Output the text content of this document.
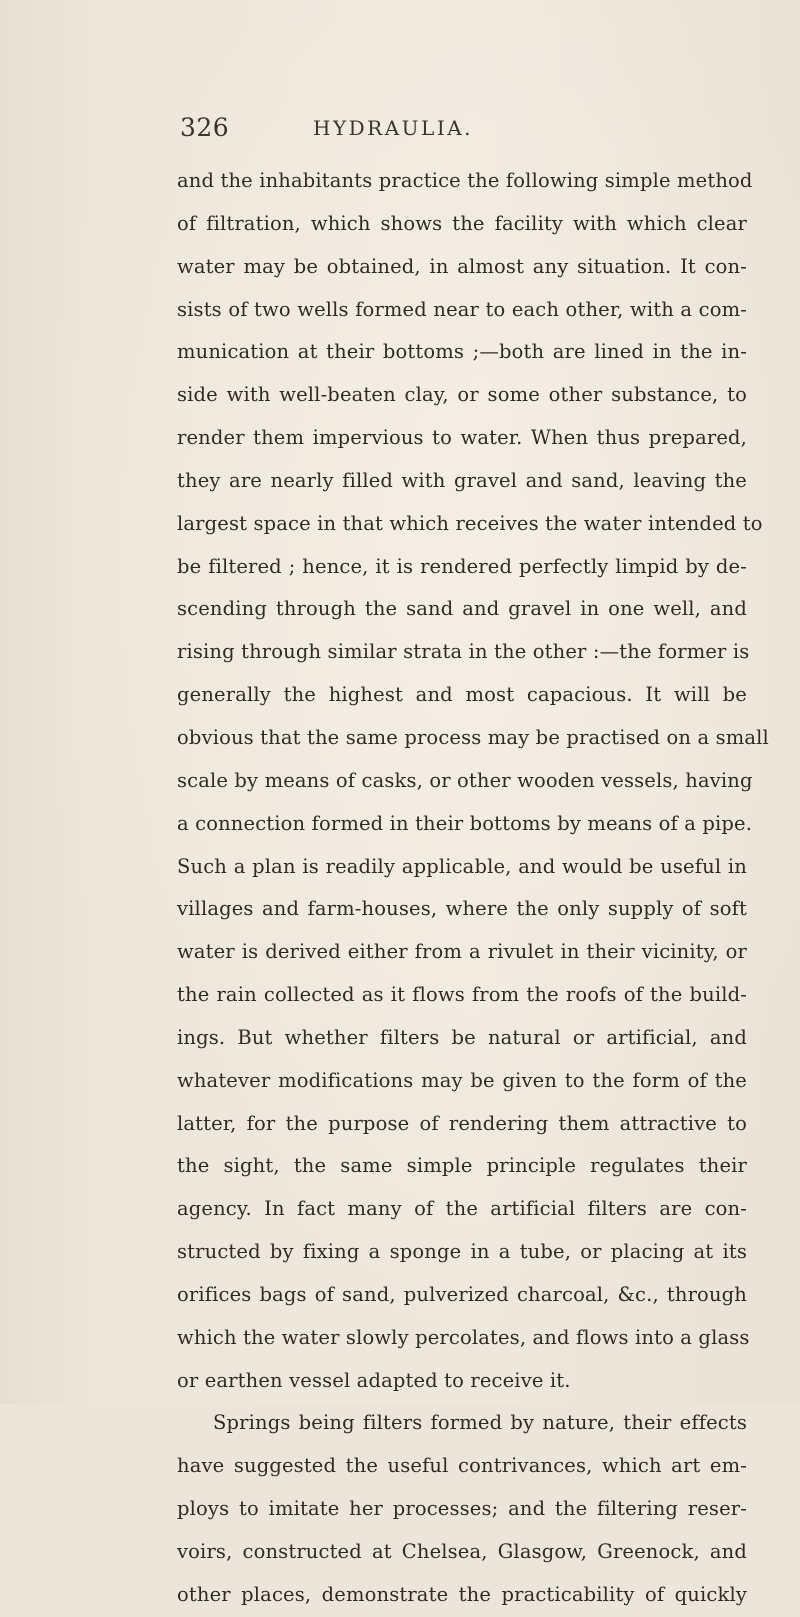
326	HYDRAULIA.
and the inhabitants practice the following simple method
of filtration, which shows the facility with which clear
water may be obtained, in almost any situation. It con-
sists of two wells formed near to each other, with a com-
munication at their bottoms ;—both are lined in the in-
side with well-beaten clay, or some other substance, to
render them impervious to water. When thus prepared,
they are nearly filled with gravel and sand, leaving the
largest space in that which receives the water intended to
be filtered ; hence, it is rendered perfectly limpid by de-
scending through the sand and gravel in one well, and
rising through similar strata in the other :—the former is
generally the highest and most capacious. It will be
obvious that the same process may be practised on a small
scale by means of casks, or other wooden vessels, having
a connection formed in their bottoms by means of a pipe.
Such a plan is readily applicable, and would be useful in
villages and farm-houses, where the only supply of soft
water is derived either from a rivulet in their vicinity, or
the rain collected as it flows from the roofs of the build-
ings. But whether filters be natural or artificial, and
whatever modifications may be given to the form of the
latter, for the purpose of rendering them attractive to
the sight, the same simple principle regulates their
agency. In fact many of the artificial filters are con-
structed by fixing a sponge in a tube, or placing at its
orifices bags of sand, pulverized charcoal, &c., through
which the water slowly percolates, and flows into a glass
or earthen vessel adapted to receive it.
Springs being filters formed by nature, their effects
have suggested the useful contrivances, which art em-
ploys to imitate her processes; and the filtering reser-
voirs, constructed at Chelsea, Glasgow, Greenock, and
other places, demonstrate the practicability of quickly
